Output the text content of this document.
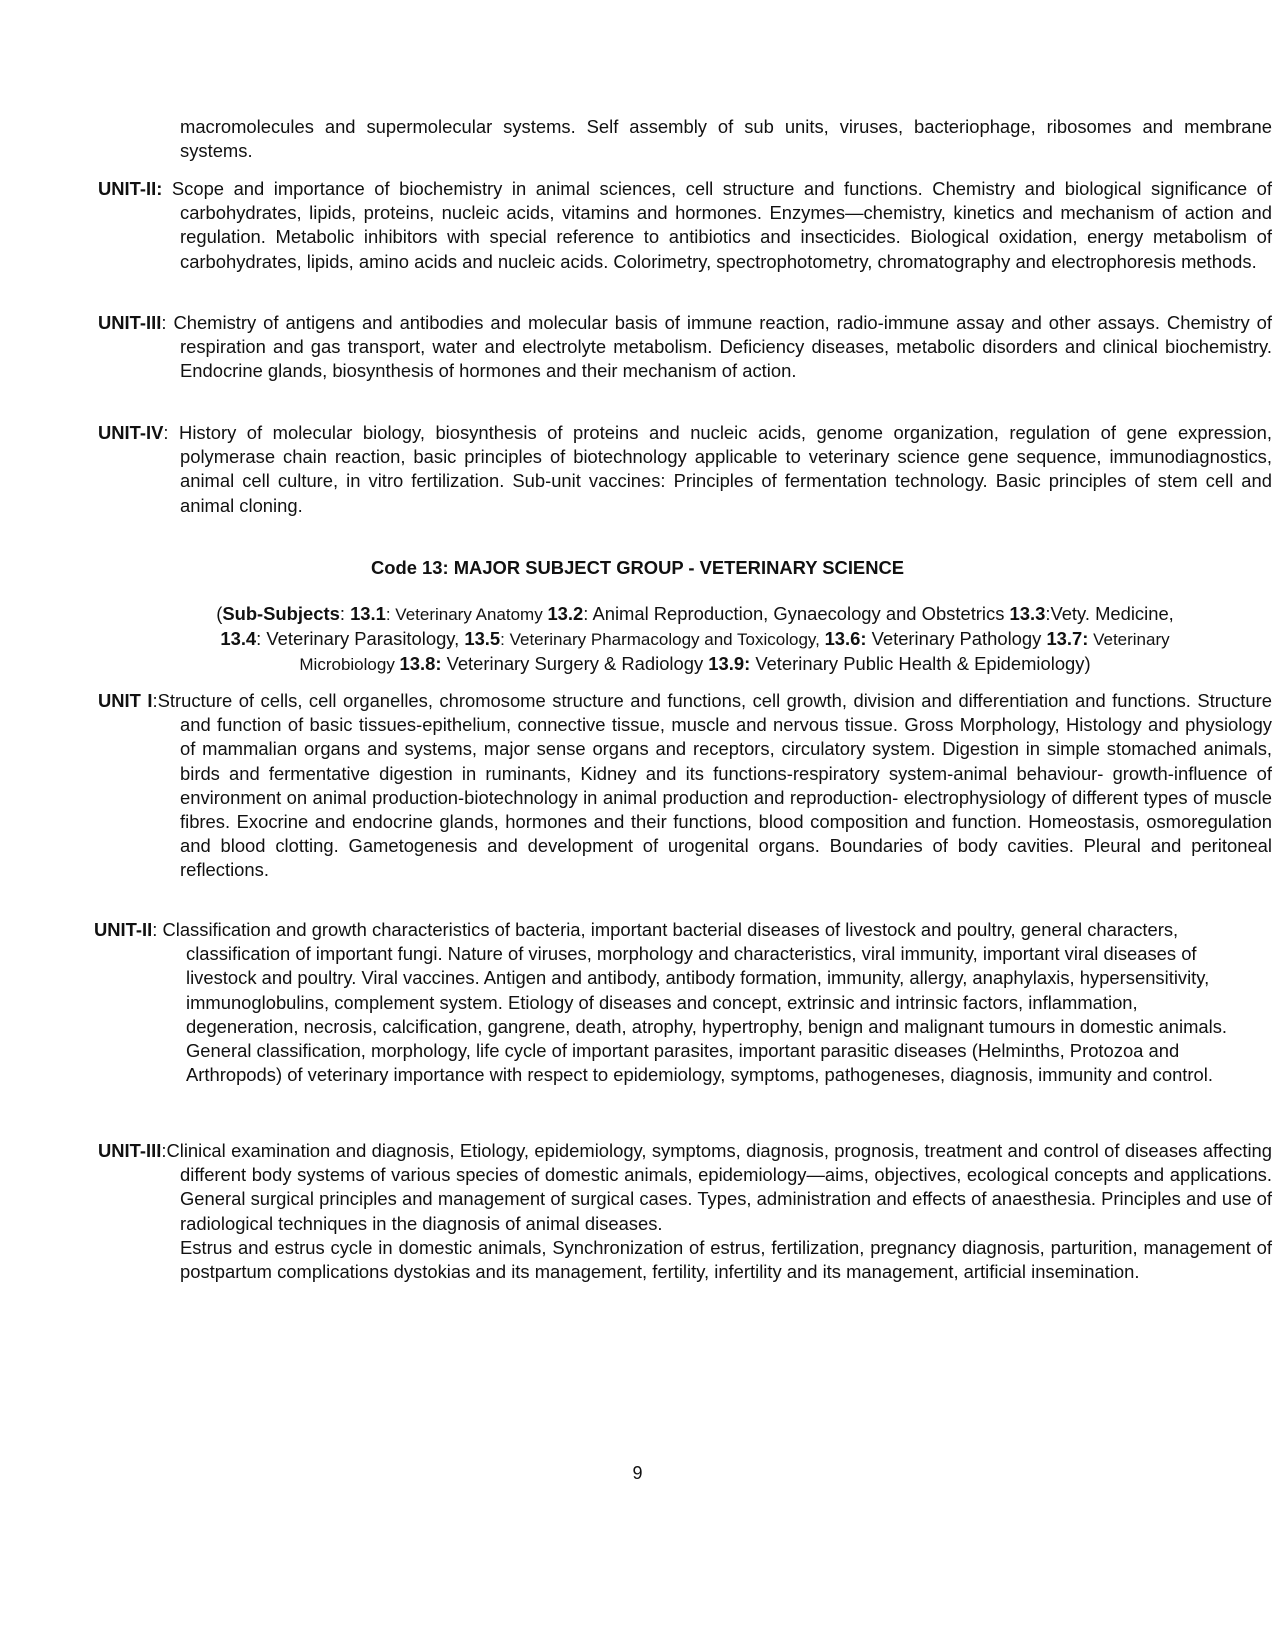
macromolecules and supermolecular systems. Self assembly of sub units, viruses, bacteriophage, ribosomes and membrane systems.
UNIT-II: Scope and importance of biochemistry in animal sciences, cell structure and functions. Chemistry and biological significance of carbohydrates, lipids, proteins, nucleic acids, vitamins and hormones. Enzymes—chemistry, kinetics and mechanism of action and regulation. Metabolic inhibitors with special reference to antibiotics and insecticides. Biological oxidation, energy metabolism of carbohydrates, lipids, amino acids and nucleic acids. Colorimetry, spectrophotometry, chromatography and electrophoresis methods.
UNIT-III: Chemistry of antigens and antibodies and molecular basis of immune reaction, radio-immune assay and other assays. Chemistry of respiration and gas transport, water and electrolyte metabolism. Deficiency diseases, metabolic disorders and clinical biochemistry. Endocrine glands, biosynthesis of hormones and their mechanism of action.
UNIT-IV: History of molecular biology, biosynthesis of proteins and nucleic acids, genome organization, regulation of gene expression, polymerase chain reaction, basic principles of biotechnology applicable to veterinary science gene sequence, immunodiagnostics, animal cell culture, in vitro fertilization. Sub-unit vaccines: Principles of fermentation technology. Basic principles of stem cell and animal cloning.
Code 13: MAJOR SUBJECT GROUP - VETERINARY SCIENCE
(Sub-Subjects: 13.1: Veterinary Anatomy 13.2: Animal Reproduction, Gynaecology and Obstetrics 13.3:Vety. Medicine, 13.4: Veterinary Parasitology, 13.5: Veterinary Pharmacology and Toxicology, 13.6: Veterinary Pathology 13.7: Veterinary Microbiology 13.8: Veterinary Surgery & Radiology 13.9: Veterinary Public Health & Epidemiology)
UNIT I:Structure of cells, cell organelles, chromosome structure and functions, cell growth, division and differentiation and functions. Structure and function of basic tissues-epithelium, connective tissue, muscle and nervous tissue. Gross Morphology, Histology and physiology of mammalian organs and systems, major sense organs and receptors, circulatory system. Digestion in simple stomached animals, birds and fermentative digestion in ruminants, Kidney and its functions-respiratory system-animal behaviour- growth-influence of environment on animal production-biotechnology in animal production and reproduction- electrophysiology of different types of muscle fibres. Exocrine and endocrine glands, hormones and their functions, blood composition and function. Homeostasis, osmoregulation and blood clotting. Gametogenesis and development of urogenital organs. Boundaries of body cavities. Pleural and peritoneal reflections.
UNIT-II: Classification and growth characteristics of bacteria, important bacterial diseases of livestock and poultry, general characters, classification of important fungi. Nature of viruses, morphology and characteristics, viral immunity, important viral diseases of livestock and poultry. Viral vaccines. Antigen and antibody, antibody formation, immunity, allergy, anaphylaxis, hypersensitivity, immunoglobulins, complement system. Etiology of diseases and concept, extrinsic and intrinsic factors, inflammation, degeneration, necrosis, calcification, gangrene, death, atrophy, hypertrophy, benign and malignant tumours in domestic animals. General classification, morphology, life cycle of important parasites, important parasitic diseases (Helminths, Protozoa and Arthropods) of veterinary importance with respect to epidemiology, symptoms, pathogeneses, diagnosis, immunity and control.
UNIT-III:Clinical examination and diagnosis, Etiology, epidemiology, symptoms, diagnosis, prognosis, treatment and control of diseases affecting different body systems of various species of domestic animals, epidemiology—aims, objectives, ecological concepts and applications. General surgical principles and management of surgical cases. Types, administration and effects of anaesthesia. Principles and use of radiological techniques in the diagnosis of animal diseases.
Estrus and estrus cycle in domestic animals, Synchronization of estrus, fertilization, pregnancy diagnosis, parturition, management of postpartum complications dystokias and its management, fertility, infertility and its management, artificial insemination.
9
